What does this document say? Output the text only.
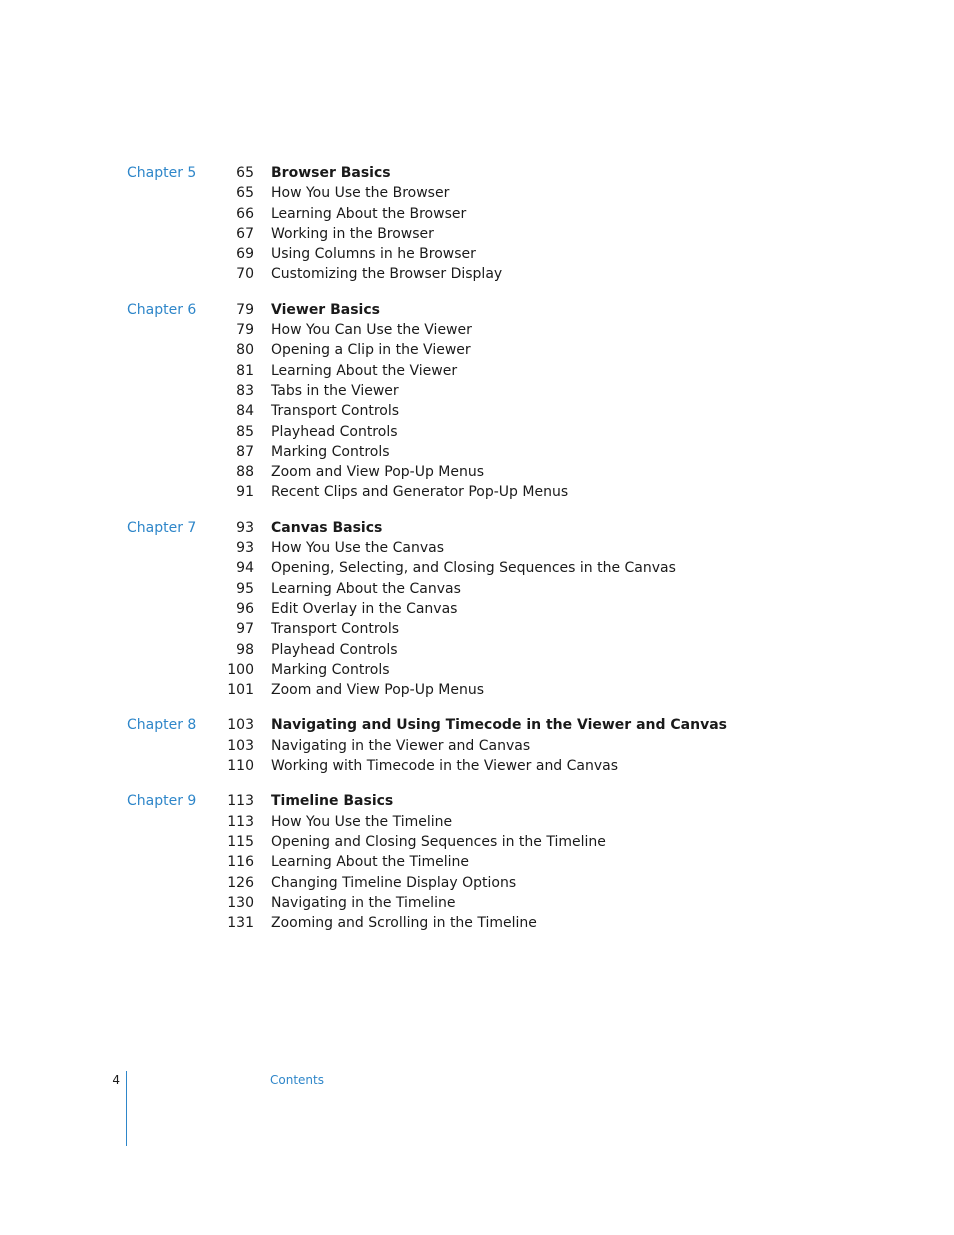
Chapter 5	65 Browser Basics
65 How You Use the Browser
66 Learning About the Browser
67 Working in the Browser
69 Using Columns in he Browser
70 Customizing the Browser Display
Chapter 6	79 Viewer Basics
79 How You Can Use the Viewer
80 Opening a Clip in the Viewer
81 Learning About the Viewer
83 Tabs in the Viewer
84 Transport Controls
85 Playhead Controls
87 Marking Controls
88 Zoom and View Pop-Up Menus
91 Recent Clips and Generator Pop-Up Menus
Chapter 7	93 Canvas Basics
93 How You Use the Canvas
94 Opening, Selecting, and Closing Sequences in the Canvas
95 Learning About the Canvas
96 Edit Overlay in the Canvas
97 Transport Controls
98 Playhead Controls
100 Marking Controls
101 Zoom and View Pop-Up Menus
Chapter 8 103 Navigating and Using Timecode in the Viewer and Canvas
103 Navigating in the Viewer and Canvas
110 Working with Timecode in the Viewer and Canvas
Chapter 9 113 Timeline Basics
113 How You Use the Timeline
115 Opening and Closing Sequences in the Timeline
116 Learning About the Timeline
126 Changing Timeline Display Options
130 Navigating in the Timeline
131 Zooming and Scrolling in the Timeline
4	Contents
